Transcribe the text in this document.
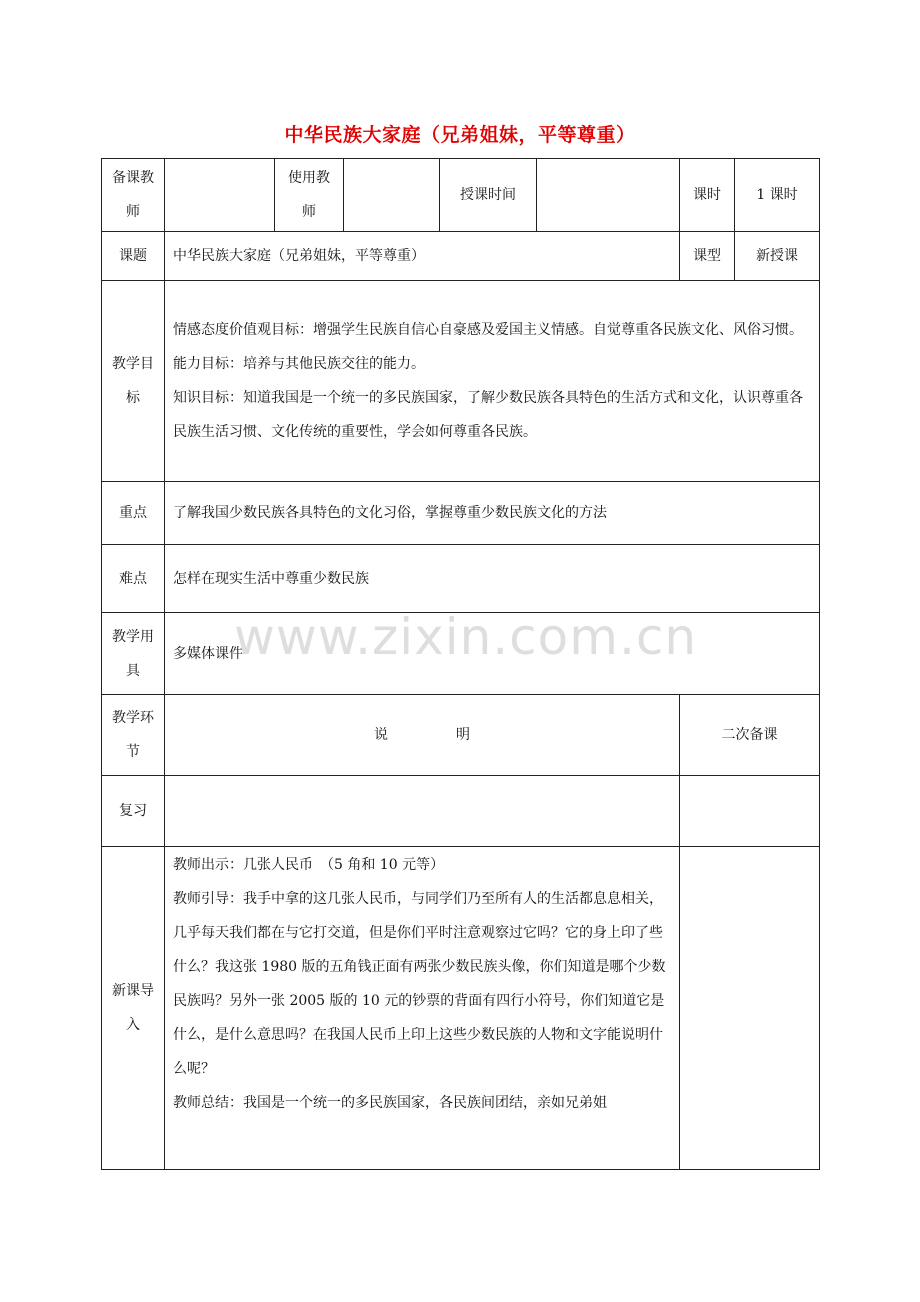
中华民族大家庭（兄弟姐妹，平等尊重）
备课教师		使用教师		授课时间		课时	1 课时
课题	中华民族大家庭（兄弟姐妹，平等尊重）					课型	新授课
教学目标	情感态度价值观目标：增强学生民族自信心自豪感及爱国主义情感。自觉尊重各民族文化、风俗习惯。

能力目标：培养与其他民族交往的能力。

知识目标：知道我国是一个统一的多民族国家，了解少数民族各具特色的生活方式和文化，认识尊重各民族生活习惯、文化传统的重要性，学会如何尊重各民族。						

重点	了解我国少数民族各具特色的文化习俗，掌握尊重少数民族文化的方法						
难点	怎样在现实生活中尊重少数民族						
教学用具	多媒体课件						
教学环节	说 明					二次备课	
复习							
新课导入	教师出示：几张人民币　（5 角和 10 元等）

教师引导：我手中拿的这几张人民币，与同学们乃至所有人的生活都息息相关，几乎每天我们都在与它打交道，但是你们平时注意观察过它吗？它的身上印了些什么？我这张 1980 版的五角钱正面有两张少数民族头像，你们知道是哪个少数民族吗？另外一张 2005 版的 10 元的钞票的背面有四行小符号，你们知道它是什么，是什么意思吗？在我国人民币上印上这些少数民族的人物和文字能说明什么呢？

教师总结：我国是一个统一的多民族国家，各民族间团结，亲如兄弟姐						

www.zixin.com.cn
